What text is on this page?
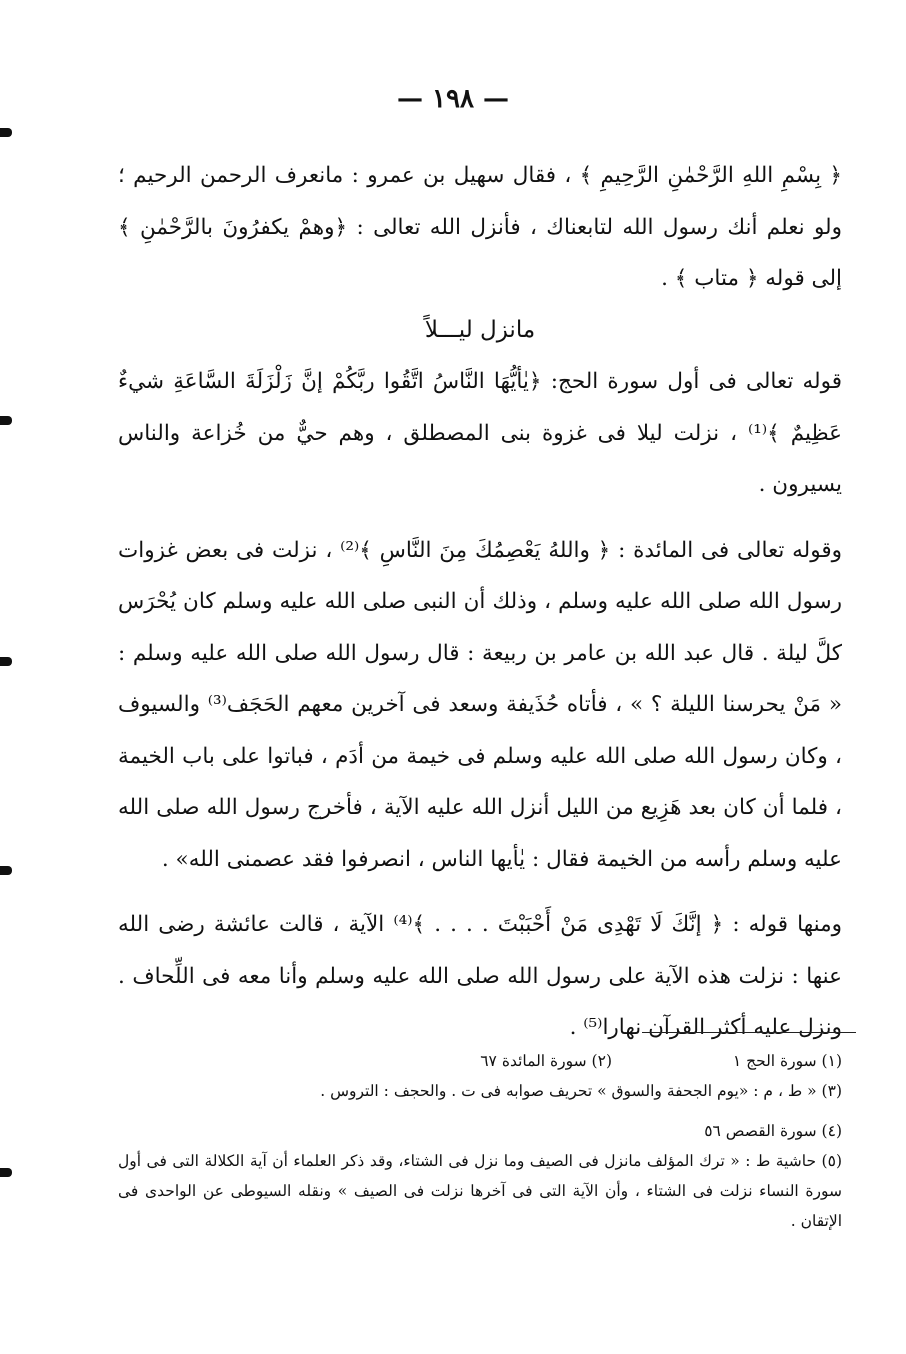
— ١٩٨ —

﴿ بِسْمِ اللهِ الرَّحْمٰنِ الرَّحِيمِ ﴾ ، فقال سهيل بن عمرو : مانعرف الرحمن الرحيم ؛ ولو نعلم أنك رسول الله لتابعناك ، فأنزل الله تعالى : ﴿وهمْ يكفرُونَ بالرَّحْمٰنِ ﴾ إلى قوله ﴿ متاب ﴾ .

مانزل ليـــلاً

قوله تعالى فى أول سورة الحج: ﴿يٰأيُّهَا النَّاسُ اتَّقُوا ربَّكُمْ إنَّ زَلْزَلَةَ السَّاعَةِ شيءٌ عَظِيمٌ ﴾⁽¹⁾ ، نزلت ليلا فى غزوة بنى المصطلق ، وهم حيٌّ من خُزاعة والناس يسيرون .

وقوله تعالى فى المائدة : ﴿ واللهُ يَعْصِمُكَ مِنَ النَّاسِ ﴾⁽²⁾ ، نزلت فى بعض غزوات رسول الله صلى الله عليه وسلم ، وذلك أن النبى صلى الله عليه وسلم كان يُحْرَس كلَّ ليلة . قال عبد الله بن عامر بن ربيعة : قال رسول الله صلى الله عليه وسلم : « مَنْ يحرسنا الليلة ؟ » ، فأتاه حُذَيفة وسعد فى آخرين معهم الحَجَف⁽³⁾ والسيوف ، وكان رسول الله صلى الله عليه وسلم فى خيمة من أدَم ، فباتوا على باب الخيمة ، فلما أن كان بعد هَزِيع من الليل أنزل الله عليه الآية ، فأخرج رسول الله صلى الله عليه وسلم رأسه من الخيمة فقال : يٰأيها الناس ، انصرفوا فقد عصمنى الله» .

ومنها قوله : ﴿ إنَّكَ لَا تَهْدِى مَنْ أَحْبَبْتَ . . . . ﴾⁽⁴⁾ الآية ، قالت عائشة رضى الله عنها : نزلت هذه الآية على رسول الله صلى الله عليه وسلم وأنا معه فى اللِّحاف . ونزل عليه أكثر القرآن نهارا⁽⁵⁾ .

(١) سورة الحج ١
(٢) سورة المائدة ٦٧

(٣) « ط ، م : «يوم الجحفة والسوق » تحريف صوابه فى ت . والحجف : التروس .

(٤) سورة القصص ٥٦

(٥) حاشية ط : « ترك المؤلف مانزل فى الصيف وما نزل فى الشتاء، وقد ذكر العلماء أن آية الكلالة التى فى أول سورة النساء نزلت فى الشتاء ، وأن الآية التى فى آخرها نزلت فى الصيف » ونقله السيوطى عن الواحدى فى الإتقان .
